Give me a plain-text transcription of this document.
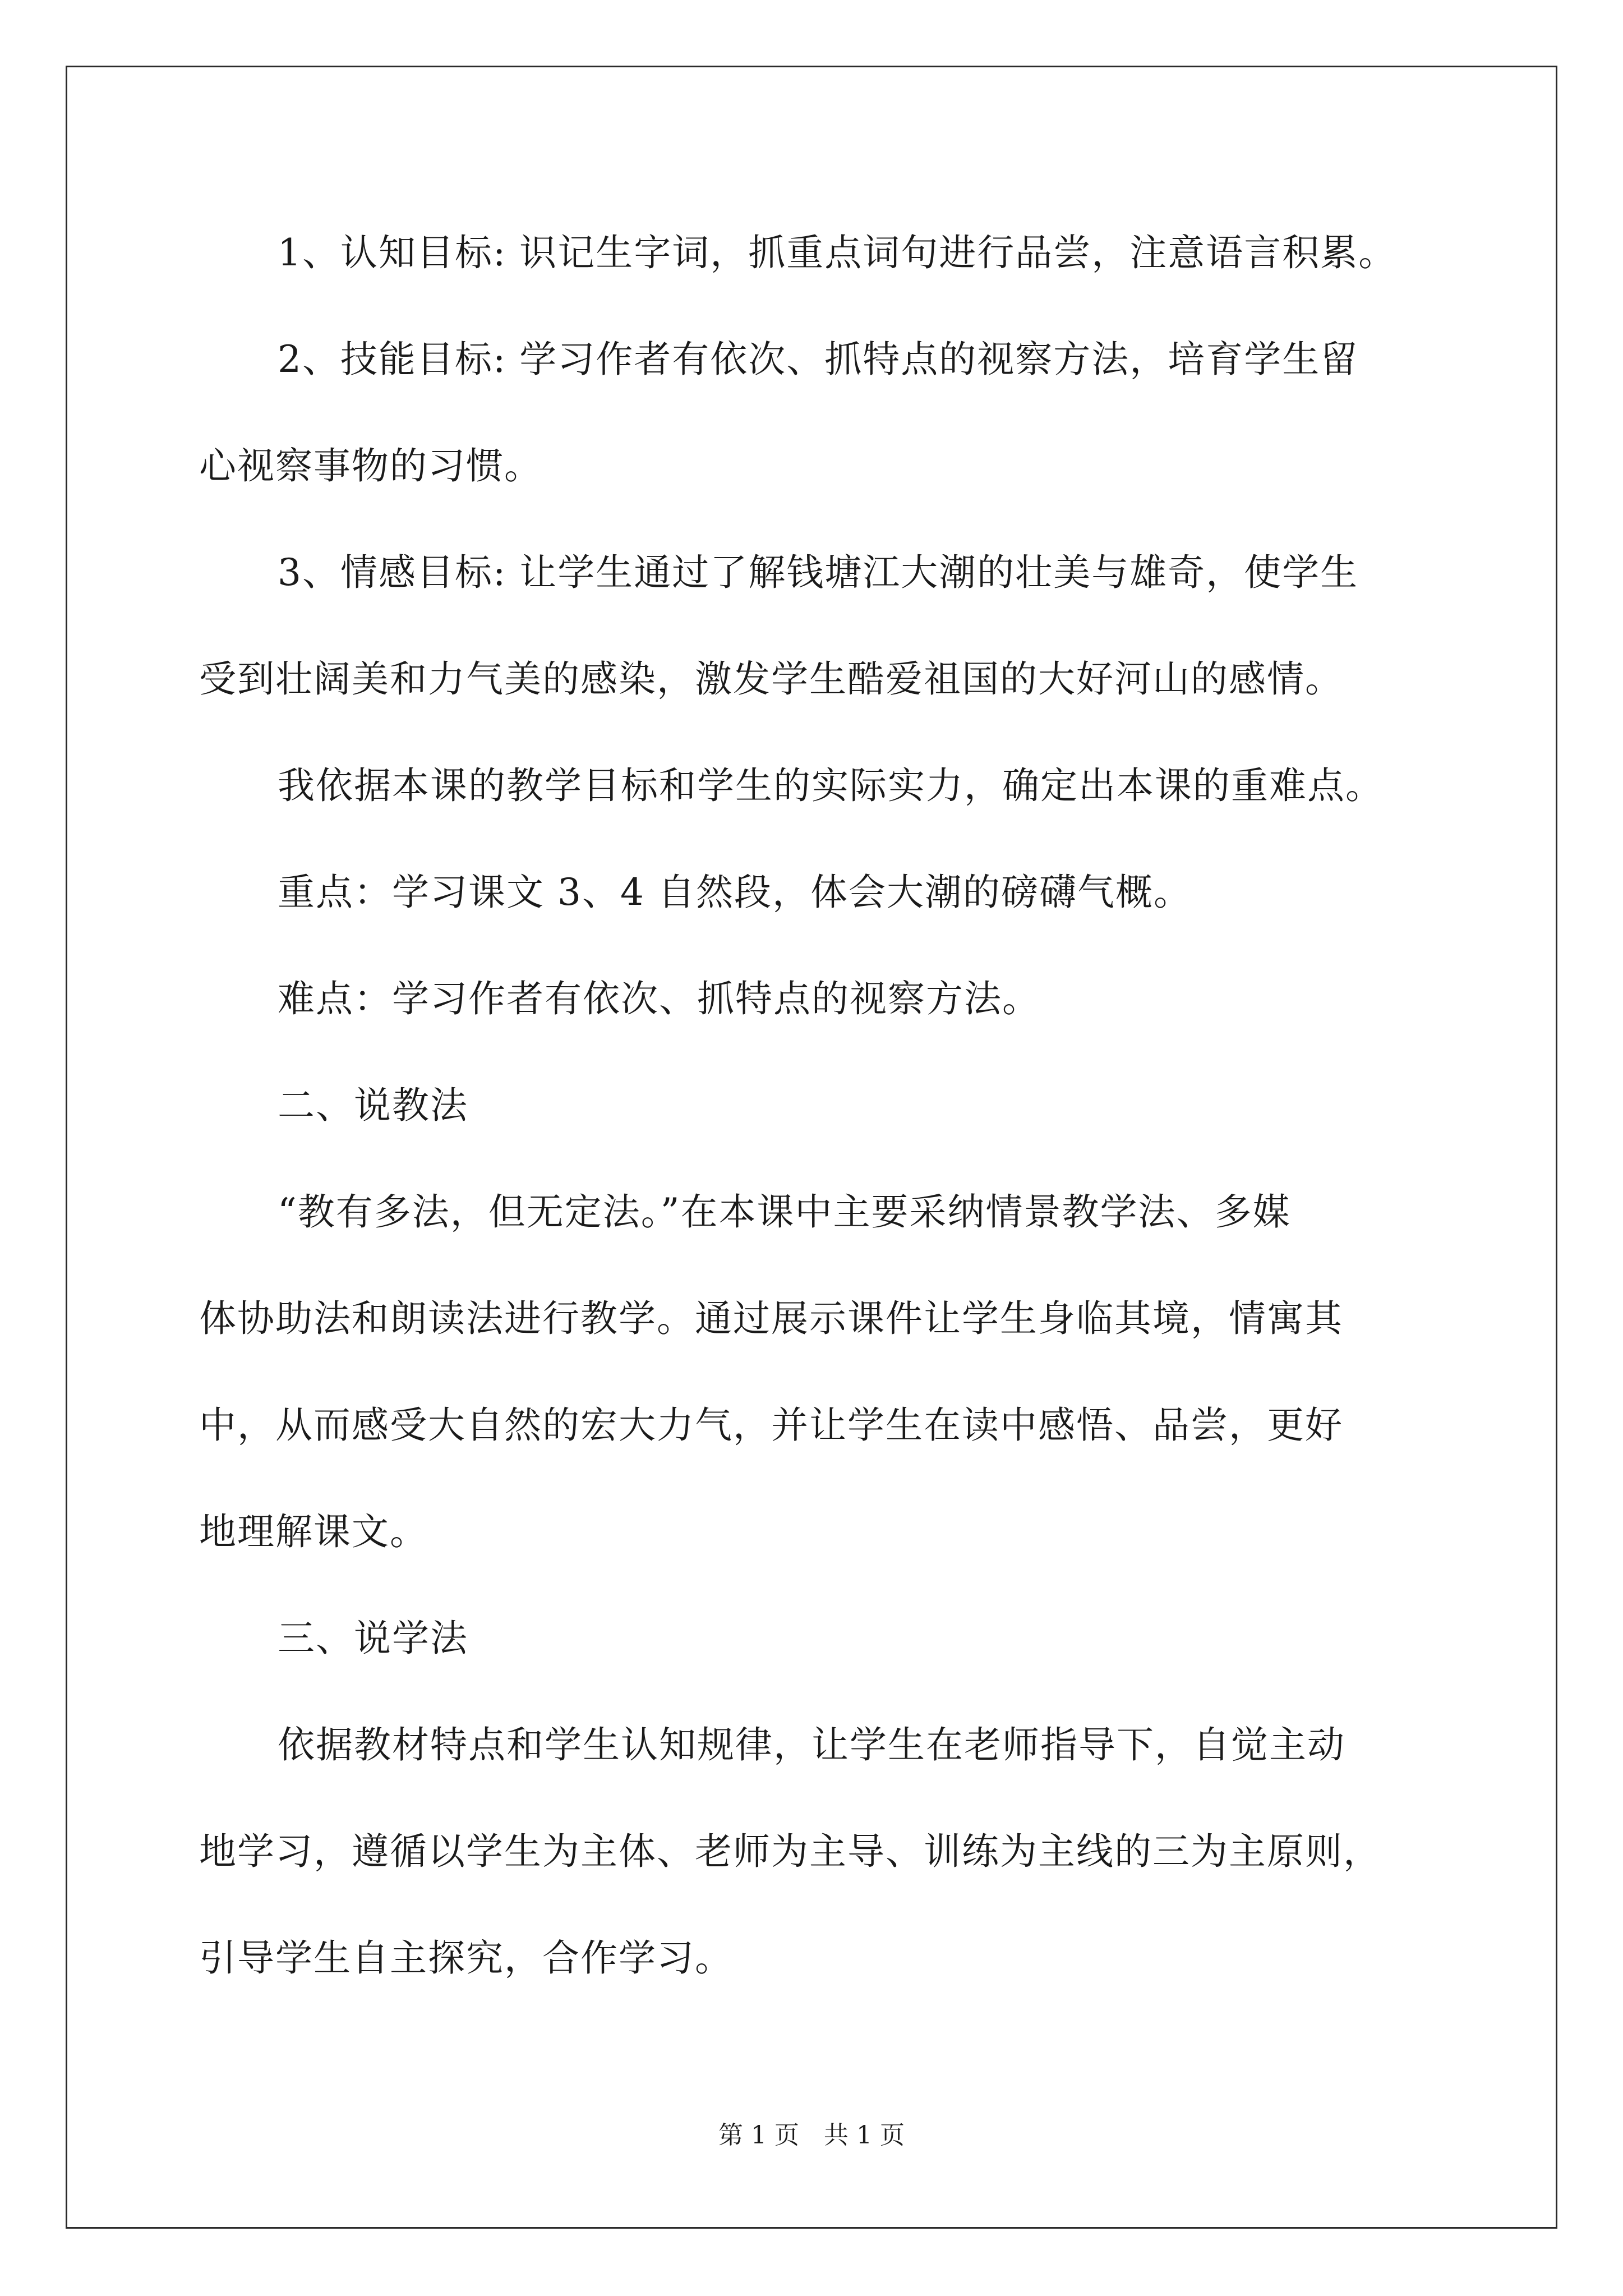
1、认知目标: 识记生字词，抓重点词句进行品尝，注意语言积累。

2、技能目标: 学习作者有依次、抓特点的视察方法，培育学生留

心视察事物的习惯。

3、情感目标: 让学生通过了解钱塘江大潮的壮美与雄奇，使学生

受到壮阔美和力气美的感染，激发学生酷爱祖国的大好河山的感情。

我依据本课的教学目标和学生的实际实力，确定出本课的重难点。

重点：学习课文 3、4 自然段，体会大潮的磅礴气概。

难点：学习作者有依次、抓特点的视察方法。

二、说教法

“教有多法，但无定法。”在本课中主要采纳情景教学法、多媒

体协助法和朗读法进行教学。通过展示课件让学生身临其境，情寓其

中，从而感受大自然的宏大力气，并让学生在读中感悟、品尝，更好

地理解课文。

三、说学法

依据教材特点和学生认知规律，让学生在老师指导下，自觉主动

地学习，遵循以学生为主体、老师为主导、训练为主线的三为主原则，

引导学生自主探究，合作学习。

第 1 页　共 1 页
